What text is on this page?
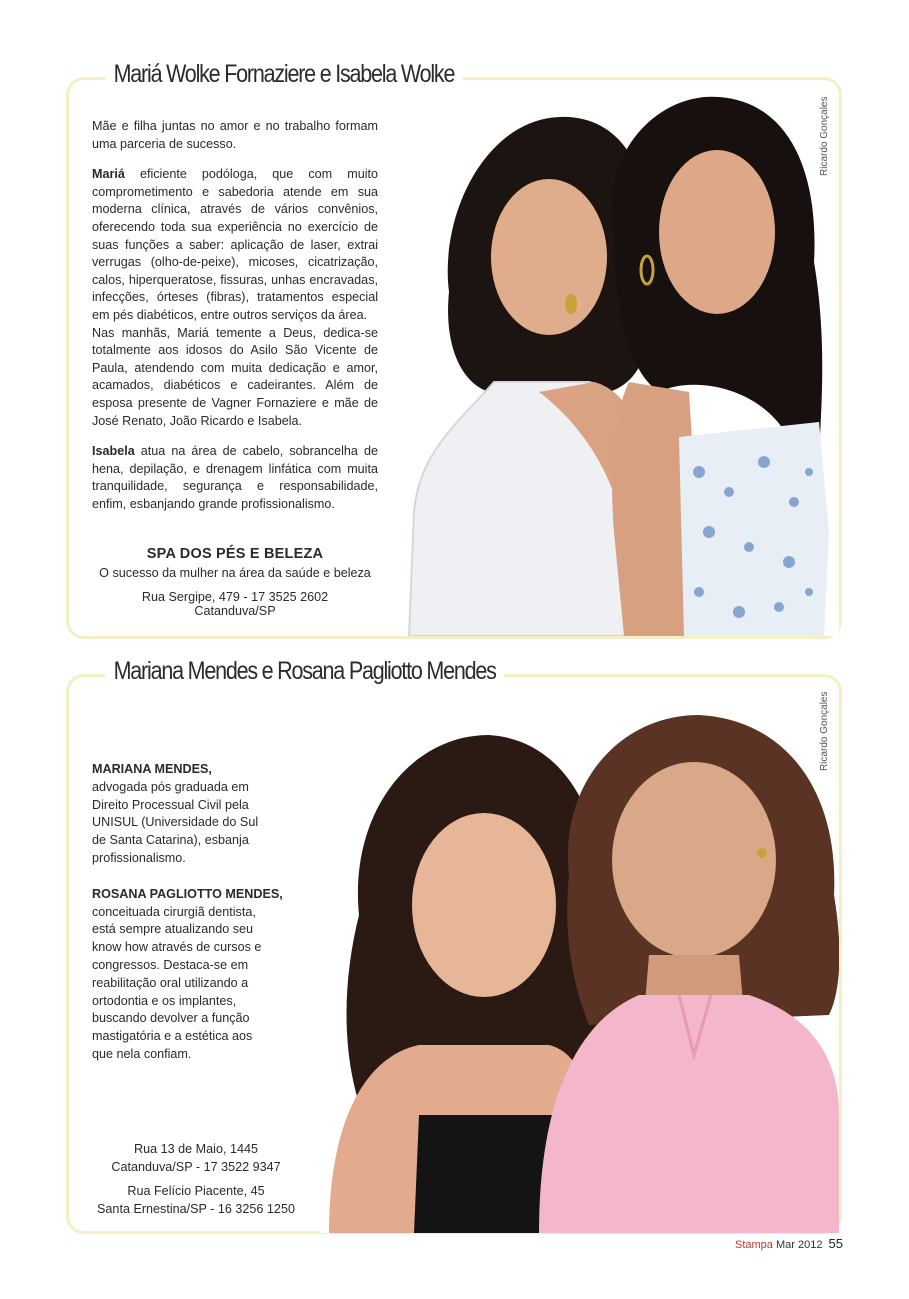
Mariá Wolke Fornaziere e Isabela Wolke

Mãe e filha juntas no amor e no trabalho formam uma parceria de sucesso.

Mariá eficiente podóloga, que com muito comprometimento e sabedoria atende em sua moderna clínica, através de vários convênios, oferecendo toda sua experiência no exercício de suas funções a saber: aplicação de laser, extrai verrugas (olho-de-peixe), micoses, cicatrização, calos, hiperqueratose, fissuras, unhas encravadas, infecções, órteses (fibras), tratamentos especial em pés diabéticos, entre outros serviços da área.

Nas manhãs, Mariá temente a Deus, dedica-se totalmente aos idosos do Asilo São Vicente de Paula, atendendo com muita dedicação e amor, acamados, diabéticos e cadeirantes. Além de esposa presente de Vagner Fornaziere e mãe de José Renato, João Ricardo e Isabela.

Isabela atua na área de cabelo, sobrancelha de hena, depilação, e drenagem linfática com muita tranquilidade, segurança e responsabilidade, enfim, esbanjando grande profissionalismo.

SPA DOS PÉS E BELEZA
O sucesso da mulher na área da saúde e beleza
Rua Sergipe, 479 - 17 3525 2602
Catanduva/SP
Ricardo Gonçales
Mariana Mendes e Rosana Pagliotto Mendes
MARIANA MENDES,
advogada pós graduada em
Direito Processual Civil pela
UNISUL (Universidade do Sul
de Santa Catarina), esbanja
profissionalismo.
ROSANA PAGLIOTTO MENDES,
conceituada cirurgiã dentista,
está sempre atualizando seu
know how através de cursos e
congressos. Destaca-se em
reabilitação oral utilizando a
ortodontia e os implantes,
buscando devolver a função
mastigatória e a estética aos
que nela confiam.
Rua 13 de Maio, 1445
Catanduva/SP - 17 3522 9347
Rua Felício Piacente, 45
Santa Ernestina/SP - 16 3256 1250
Ricardo Gonçales
Stampa Mar 2012 55
